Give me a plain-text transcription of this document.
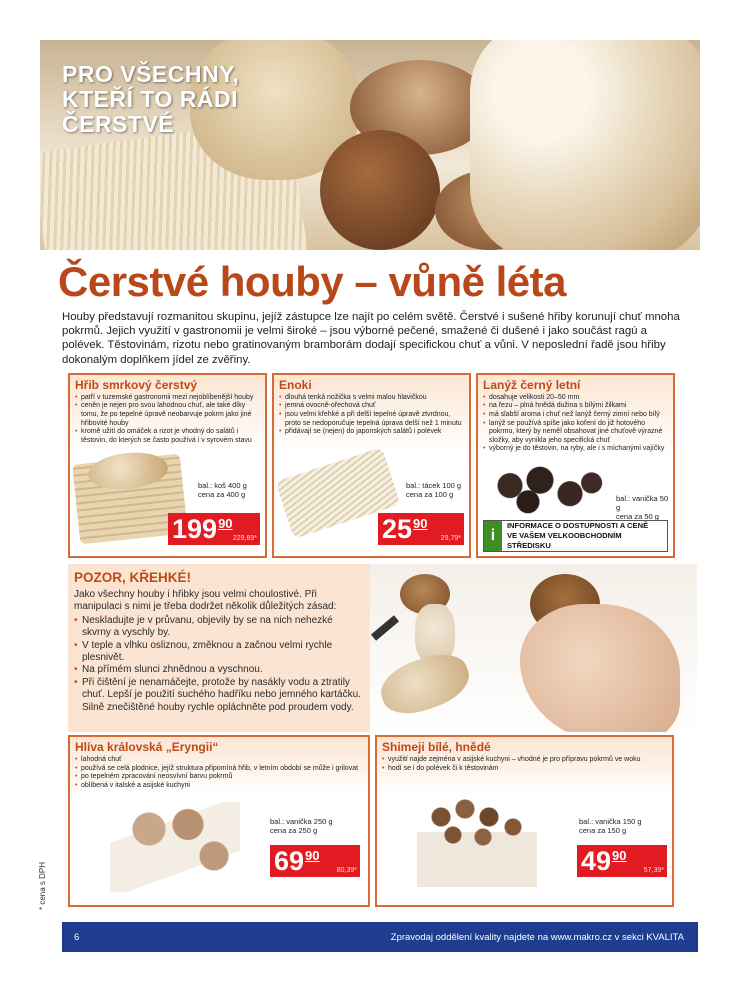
PRO VŠECHNY,
KTEŘÍ TO RÁDI
ČERSTVÉ
Čerstvé houby – vůně léta

Houby představují rozmanitou skupinu, jejíž zástupce lze najít po celém světě. Čerstvé i sušené hřiby korunují chuť mnoha pokrmů. Jejich využití v gastronomii je velmi široké – jsou výborné pečené, smažené či dušené i jako součást ragú a polévek. Těstovinám, rizotu nebo gratinovaným bramborám dodají specifickou chuť a vůni. V neposlední řadě jsou hřiby dokonalým doplňkem jídel ze zvěřiny.

Hřib smrkový čerstvý
• patří v tuzemské gastronomii mezi nejoblíbenější houby
• ceněn je nejen pro svou lahodnou chuť, ale také díky tomu, že po tepelné úpravě neobarvuje pokrm jako jiné hřibovité houby
• kromě užití do omáček a rizot je vhodný do salátů i těstovin, do kterých se často používá i v syrovém stavu
bal.: koš 400 g
cena za 400 g
199 90
229,89*
Enoki
• dlouhá tenká nožička s velmi malou hlavičkou
• jemná ovocně-ořechová chuť
• jsou velmi křehké a při delší tepelné úpravě ztvrdnou, proto se nedoporučuje tepelná úprava delší než 1 minutu
• přidávají se (nejen) do japonských salátů i polévek
bal.: tácek 100 g
cena za 100 g
25 90
29,79*
Lanýž černý letní
• dosahuje velikosti 20–50 mm
• na řezu – plná hnědá dužina s bílými žilkami
• má slabší aroma i chuť než lanýž černý zimní nebo bílý
• lanýž se používá spíše jako koření do již hotového pokrmu, který by neměl obsahovat jiné chuťově výrazné složky, aby vynikla jeho specifická chuť
• výborný je do těstovin, na ryby, ale i s míchanými vajíčky
bal.: vanička 50 g
cena za 50 g
i
INFORMACE O DOSTUPNOSTI A CENĚ
VE VAŠEM VELKOOBCHODNÍM STŘEDISKU
POZOR, KŘEHKÉ!

Jako všechny houby i hřibky jsou velmi choulostivé. Při manipulaci s nimi je třeba dodržet několik důležitých zásad:

• Neskladujte je v průvanu, objevily by se na nich nehezké skvrny a vyschly by.
• V teple a vlhku osliznou, změknou a začnou velmi rychle plesnivět.
• Na přímém slunci zhnědnou a vyschnou.
• Při čištění je nenamáčejte, protože by nasákly vodu a ztratily chuť. Lepší je použití suchého hadříku nebo jemného kartáčku. Silně znečištěné houby rychle opláchněte pod proudem vody.
Hlíva královská „Eryngii“
• lahodná chuť
• používá se celá plodnice, jejíž struktura připomíná hřib, v letním období se může i grilovat
• po tepelném zpracování neosvívní barvu pokrmů
• oblíbená v italské a asijské kuchyni
bal.: vanička 250 g
cena za 250 g
69 90
80,39*
Shimeji bílé, hnědé
• využití najde zejména v asijské kuchyni – vhodné je pro přípravu pokrmů ve woku
• hodí se i do polévek či k těstovinám
bal.: vanička 150 g
cena za 150 g
49 90
57,39*
* cena s DPH
6	Zpravodaj oddělení kvality najdete na www.makro.cz v sekci KVALITA
